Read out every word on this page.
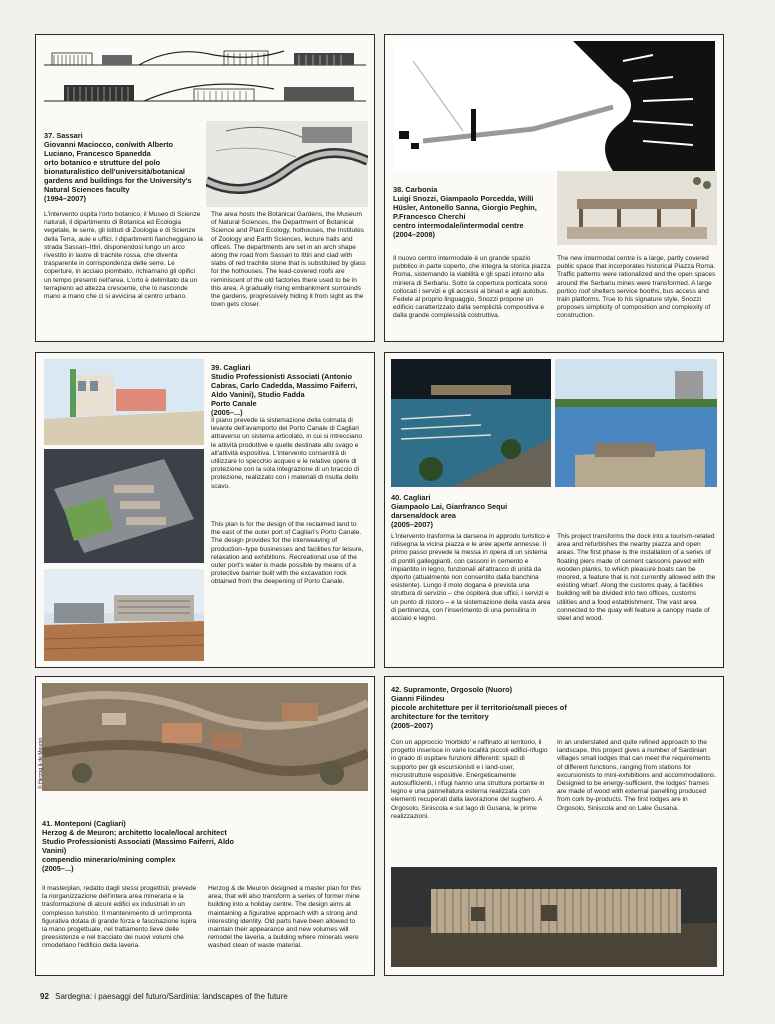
37. Sassari
Giovanni Maciocco, con/with Alberto Luciano, Francesco Spanedda
orto botanico e strutture del polo bionaturalistico dell'università/botanical gardens and buildings for the University's Natural Sciences faculty
(1994–2007)

L'intervento ospita l'orto botanico, il Museo di Scienze naturali, il dipartimento di Botanica ed Ecologia vegetale, le serre, gli istituti di Zoologia e di Scienze della Terra, aule e uffici. I dipartimenti fiancheggiano la strada Sassari–Ittiri, disponendosi lungo un arco rivestito in lastre di trachite rossa, che diventa trasparente in corrispondenza delle serre. Le coperture, in acciaio piombato, richiamano gli opifici un tempo presenti nell'area. L'orto è delimitato da un terrapieno ad altezza crescente, che lo nasconde mano a mano che ci si avvicina al centro urbano.

The area hosts the Botanical Gardens, the Museum of Natural Sciences, the Department of Botanical Science and Plant Ecology, hothouses, the Institutes of Zoology and Earth Sciences, lecture halls and offices. The departments are set in an arch shape along the road from Sassari to Ittiri and clad with slabs of red trachite stone that is substituted by glass for the hothouses. The lead-covered roofs are reminiscent of the old factories there used to be in this area. A gradually rising embankment surrounds the gardens, progressively hiding it from sight as the town gets closer.

38. Carbonia
Luigi Snozzi, Giampaolo Porcedda, Willi Hüsler, Antonello Sanna, Giorgio Peghin, P.Francesco Cherchi
centro intermodale/intermodal centre
(2004–2008)

Il nuovo centro intermodale è un grande spazio pubblico in parte coperto, che integra la storica piazza Roma, sistemando la viabilità e gli spazi intorno alla miniera di Serbariu. Sotto la copertura porticata sono collocati i servizi e gli accessi ai binari e agli autobus. Fedele al proprio linguaggio, Snozzi propone un edificio caratterizzato dalla semplicità compositiva e dalla grande complessità costruttiva.

The new intermodal centre is a large, partly covered public space that incorporates historical Piazza Roma. Traffic patterns were rationalized and the open spaces around the Serbariu mines were transformed. A large portico roof shelters service booths, bus access and train platforms. True to his signature style, Snozzi proposes simplicity of composition and complexity of construction.

39. Cagliari
Studio Professionisti Associati (Antonio Cabras, Carlo Cadedda, Massimo Faiferri, Aldo Vanini), Studio Fadda
Porto Canale
(2005–...)

Il piano prevede la sistemazione della colmata di levante dell'avamporto del Porto Canale di Cagliari attraverso un sistema articolato, in cui si intrecciano le attività produttive e quelle destinate allo svago e all'attività espositiva. L'intervento consentirà di utilizzare lo specchio acqueo e le relative opere di protezione con la sola integrazione di un braccio di protezione, realizzato con i materiali di risulta dello scavo.

This plan is for the design of the reclaimed land to the east of the outer port of Cagliari's Porto Canale. The design provides for the interweaving of production–type businesses and facilities for leisure, relaxation and exhibitions. Recreational use of the outer port's water is made possible by means of a protective barrier built with the excavation rock obtained from the deepening of Porto Canale.

40. Cagliari
Giampaolo Lai, Gianfranco Sequi
darsena/dock area
(2005–2007)

L'intervento trasforma la darsena in approdo turistico e ridisegna la vicina piazza e le aree aperte annesse. Il primo passo prevede la messa in opera di un sistema di pontili galleggianti, con cassoni in cemento e impiantito in legno, funzionali all'attracco di unità da diporto (attualmente non consentito dalla banchina esistente). Lungo il molo dogana è prevista una struttura di servizio – che ospiterà due uffici, i servizi e un punto di ristoro – e la sistemazione della vasta area di pertinenza, con l'inserimento di una pensilina in acciaio e legno.

This project transforms the dock into a tourism-related area and refurbishes the nearby piazza and open areas. The first phase is the installation of a series of floating piers made of cement caissons paved with wooden planks, to which pleasure boats can be moored, a feature that is not currently allowed with the existing wharf. Along the customs quay, a facilities building will be divided into two offices, customs utilities and a food establishment. The vast area connected to the quay will feature a canopy made of steel and wood.

© Herzog & de Meuron
41. Monteponi (Cagliari)
Herzog & de Meuron; architetto locale/local architect Studio Professionisti Associati (Massimo Faiferri, Aldo Vanini)
compendio minerario/mining complex
(2005–...)

Il masterplan, redatto dagli stessi progettisti, prevede la riorganizzazione dell'intera area mineraria e la trasformazione di alcuni edifici ex industriali in un complesso turistico. Il mantenimento di un'impronta figurativa dotata di grande forza e fascinazione ispira la mano progettuale, nel trattamento lieve delle preesistenze e nel tracciato dei nuovi volumi che rimodellano l'edificio della laveria.

Herzog & de Meuron designed a master plan for this area, that will also transform a series of former mine building into a holiday centre. The design aims at maintaining a figurative approach with a strong and interesting identity. Old parts have been allowed to maintain their appearance and new volumes will remodel the laveria, a building where minerals were washed clean of waste material.

42. Supramonte, Orgosolo (Nuoro)
Gianni Filindeu
piccole architetture per il territorio/small pieces of architecture for the territory
(2005–2007)

Con un approccio 'morbido' e raffinato al territorio, il progetto inserisce in varie località piccoli edifici-rifugio in grado di ospitare funzioni differenti: spazi di supporto per gli escursionisti e i land-user, microstrutture espositive. Energeticamente autosufficienti, i rifugi hanno una struttura portante in legno e una pannellatura esterna realizzata con elementi recuperati dalla lavorazione del sughero. A Orgosolo, Siniscola e sul lago di Gusana, le prime realizzazioni.

In an understated and quite refined approach to the landscape, this project gives a number of Sardinian villages small lodges that can meet the requirements of different functions, ranging from stations for excursionists to mini-exhibitions and accommodations. Designed to be energy-sufficient, the lodges' frames are made of wood with external panelling produced from cork by-products. The first lodges are in Orgosolo, Siniscola and on Lake Gusana.

92 Sardegna: i paesaggi del futuro/Sardinia: landscapes of the future
